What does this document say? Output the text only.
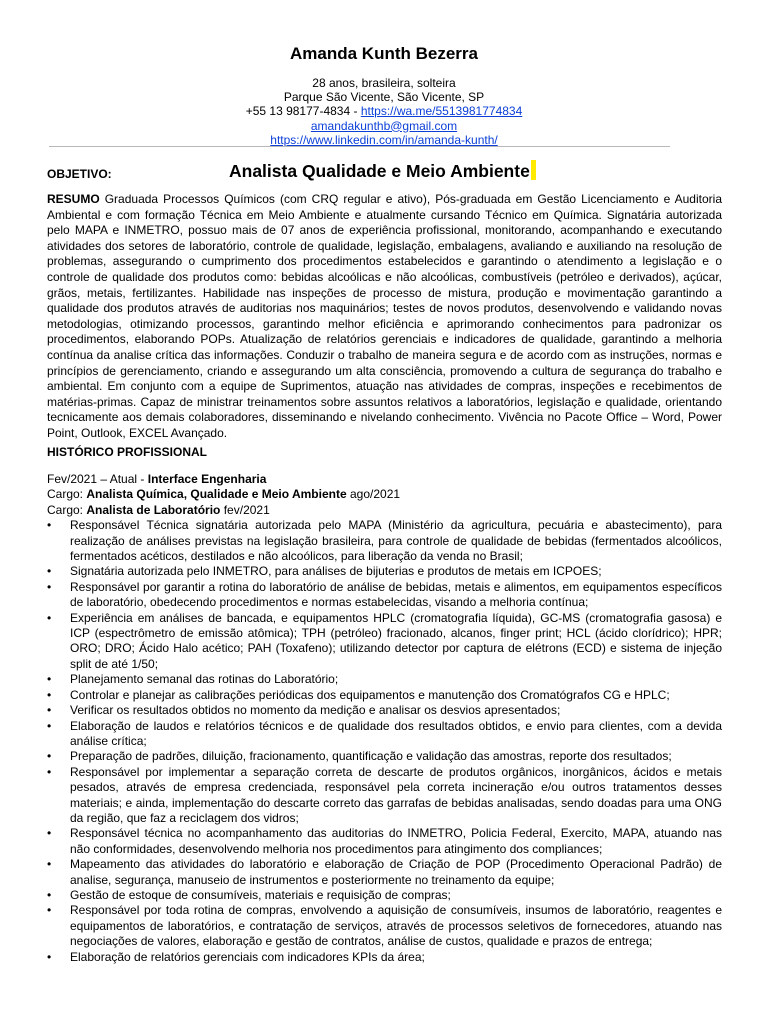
Amanda Kunth Bezerra
28 anos, brasileira, solteira
Parque São Vicente, São Vicente, SP
+55 13 98177-4834 - https://wa.me/5513981774834
amandakunthb@gmail.com
https://www.linkedin.com/in/amanda-kunth/
OBJETIVO:	Analista Qualidade e Meio Ambiente
RESUMO Graduada Processos Químicos (com CRQ regular e ativo), Pós-graduada em Gestão Licenciamento e Auditoria Ambiental e com formação Técnica em Meio Ambiente e atualmente cursando Técnico em Química. Signatária autorizada pelo MAPA e INMETRO, possuo mais de 07 anos de experiência profissional, monitorando, acompanhando e executando atividades dos setores de laboratório, controle de qualidade, legislação, embalagens, avaliando e auxiliando na resolução de problemas, assegurando o cumprimento dos procedimentos estabelecidos e garantindo o atendimento a legislação e o controle de qualidade dos produtos como: bebidas alcoólicas e não alcoólicas, combustíveis (petróleo e derivados), açúcar, grãos, metais, fertilizantes. Habilidade nas inspeções de processo de mistura, produção e movimentação garantindo a qualidade dos produtos através de auditorias nos maquinários; testes de novos produtos, desenvolvendo e validando novas metodologias, otimizando processos, garantindo melhor eficiência e aprimorando conhecimentos para padronizar os procedimentos, elaborando POPs. Atualização de relatórios gerenciais e indicadores de qualidade, garantindo a melhoria contínua da analise crítica das informações. Conduzir o trabalho de maneira segura e de acordo com as instruções, normas e princípios de gerenciamento, criando e assegurando um alta consciência, promovendo a cultura de segurança do trabalho e ambiental. Em conjunto com a equipe de Suprimentos, atuação nas atividades de compras, inspeções e recebimentos de matérias-primas. Capaz de ministrar treinamentos sobre assuntos relativos a laboratórios, legislação e qualidade, orientando tecnicamente aos demais colaboradores, disseminando e nivelando conhecimento. Vivência no Pacote Office – Word, Power Point, Outlook, EXCEL Avançado.
HISTÓRICO PROFISSIONAL
Fev/2021 – Atual - Interface Engenharia
Cargo: Analista Química, Qualidade e Meio Ambiente ago/2021
Cargo: Analista de Laboratório fev/2021
• Responsável Técnica signatária autorizada pelo MAPA (Ministério da agricultura, pecuária e abastecimento), para realização de análises previstas na legislação brasileira, para controle de qualidade de bebidas (fermentados alcoólicos, fermentados acéticos, destilados e não alcoólicos, para liberação da venda no Brasil;
• Signatária autorizada pelo INMETRO, para análises de bijuterias e produtos de metais em ICPOES;
• Responsável por garantir a rotina do laboratório de análise de bebidas, metais e alimentos, em equipamentos específicos de laboratório, obedecendo procedimentos e normas estabelecidas, visando a melhoria contínua;
• Experiência em análises de bancada, e equipamentos HPLC (cromatografia líquida), GC-MS (cromatografia gasosa) e ICP (espectrômetro de emissão atômica); TPH (petróleo) fracionado, alcanos, finger print; HCL (ácido clorídrico); HPR; ORO; DRO; Ácido Halo acético; PAH (Toxafeno); utilizando detector por captura de elétrons (ECD) e sistema de injeção split de até 1/50;
• Planejamento semanal das rotinas do Laboratório;
• Controlar e planejar as calibrações periódicas dos equipamentos e manutenção dos Cromatógrafos CG e HPLC;
• Verificar os resultados obtidos no momento da medição e analisar os desvios apresentados;
• Elaboração de laudos e relatórios técnicos e de qualidade dos resultados obtidos, e envio para clientes, com a devida análise crítica;
• Preparação de padrões, diluição, fracionamento, quantificação e validação das amostras, reporte dos resultados;
• Responsável por implementar a separação correta de descarte de produtos orgânicos, inorgânicos, ácidos e metais pesados, através de empresa credenciada, responsável pela correta incineração e/ou outros tratamentos desses materiais; e ainda, implementação do descarte correto das garrafas de bebidas analisadas, sendo doadas para uma ONG da região, que faz a reciclagem dos vidros;
• Responsável técnica no acompanhamento das auditorias do INMETRO, Policia Federal, Exercito, MAPA, atuando nas não conformidades, desenvolvendo melhoria nos procedimentos para atingimento dos compliances;
• Mapeamento das atividades do laboratório e elaboração de Criação de POP (Procedimento Operacional Padrão) de analise, segurança, manuseio de instrumentos e posteriormente no treinamento da equipe;
• Gestão de estoque de consumíveis, materiais e requisição de compras;
• Responsável por toda rotina de compras, envolvendo a aquisição de consumíveis, insumos de laboratório, reagentes e equipamentos de laboratórios, e contratação de serviços, através de processos seletivos de fornecedores, atuando nas negociações de valores, elaboração e gestão de contratos, análise de custos, qualidade e prazos de entrega;
• Elaboração de relatórios gerenciais com indicadores KPIs da área;
